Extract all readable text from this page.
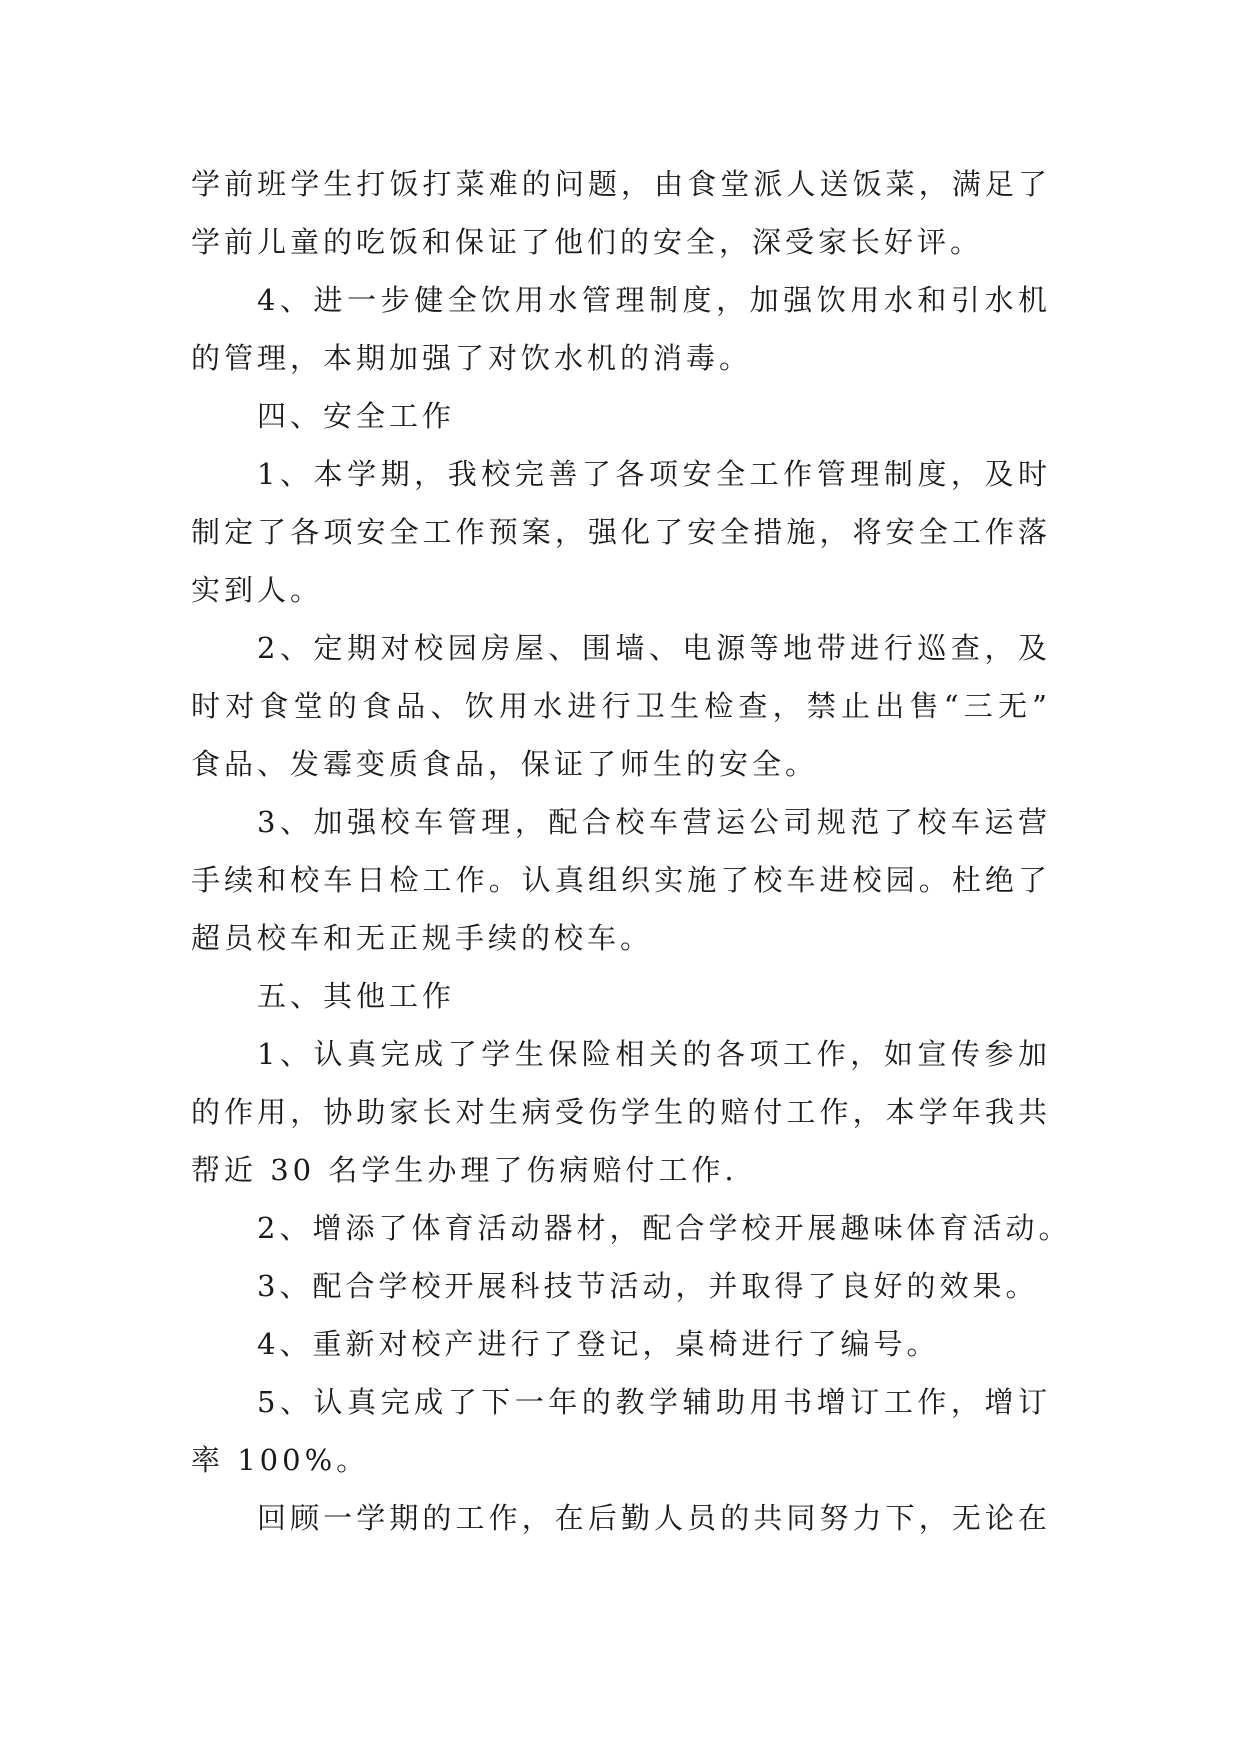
学前班学生打饭打菜难的问题，由食堂派人送饭菜，满足了
学前儿童的吃饭和保证了他们的安全，深受家长好评。
4、进一步健全饮用水管理制度，加强饮用水和引水机
的管理，本期加强了对饮水机的消毒。
四、安全工作
1、本学期，我校完善了各项安全工作管理制度，及时
制定了各项安全工作预案，强化了安全措施，将安全工作落
实到人。
2、定期对校园房屋、围墙、电源等地带进行巡查，及
时对食堂的食品、饮用水进行卫生检查，禁止出售“三无”
食品、发霉变质食品，保证了师生的安全。
3、加强校车管理，配合校车营运公司规范了校车运营
手续和校车日检工作。认真组织实施了校车进校园。杜绝了
超员校车和无正规手续的校车。
五、其他工作
1、认真完成了学生保险相关的各项工作，如宣传参加
的作用，协助家长对生病受伤学生的赔付工作，本学年我共
帮近 30 名学生办理了伤病赔付工作.
2、增添了体育活动器材，配合学校开展趣味体育活动。
3、配合学校开展科技节活动，并取得了良好的效果。
4、重新对校产进行了登记，桌椅进行了编号。
5、认真完成了下一年的教学辅助用书增订工作，增订
率 100%。
回顾一学期的工作，在后勤人员的共同努力下，无论在
